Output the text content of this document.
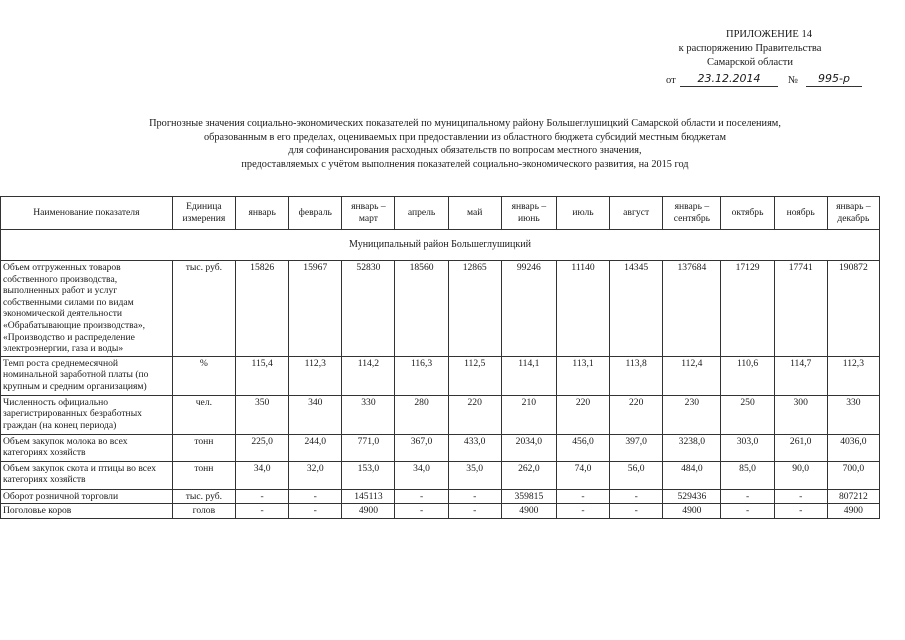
ПРИЛОЖЕНИЕ 14
к распоряжению Правительства
Самарской области
от	23.12.2014	№	995-р
Прогнозные значения социально-экономических показателей по муниципальному району Большеглушицкий Самарской области и поселениям,
образованным в его пределах, оцениваемых при предоставлении из областного бюджета субсидий местным бюджетам
для софинансирования расходных обязательств по вопросам местного значения,
предоставляемых с учётом выполнения показателей социально-экономического развития, на 2015 год
Наименование показателя	Единица измерения	январь	февраль	январь – март	апрель	май	январь – июнь	июль	август	январь – сентябрь	октябрь	ноябрь	январь – декабрь
Муниципальный район Большеглушицкий													
Объем отгруженных товаров собственного производства, выполненных работ и услуг собственными силами по видам экономической деятельности «Обрабатывающие производства», «Производство и распределение электроэнергии, газа и воды»	тыс. руб.	15826	15967	52830	18560	12865	99246	11140	14345	137684	17129	17741	190872
Темп роста среднемесячной номинальной заработной платы (по крупным и средним организациям)	%	115,4	112,3	114,2	116,3	112,5	114,1	113,1	113,8	112,4	110,6	114,7	112,3
Численность официально зарегистрированных безработных граждан (на конец периода)	чел.	350	340	330	280	220	210	220	220	230	250	300	330
Объем закупок молока во всех категориях хозяйств	тонн	225,0	244,0	771,0	367,0	433,0	2034,0	456,0	397,0	3238,0	303,0	261,0	4036,0
Объем закупок скота и птицы во всех категориях хозяйств	тонн	34,0	32,0	153,0	34,0	35,0	262,0	74,0	56,0	484,0	85,0	90,0	700,0
Оборот розничной торговли	тыс. руб.	-	-	145113	-	-	359815	-	-	529436	-	-	807212
Поголовье коров	голов	-	-	4900	-	-	4900	-	-	4900	-	-	4900
